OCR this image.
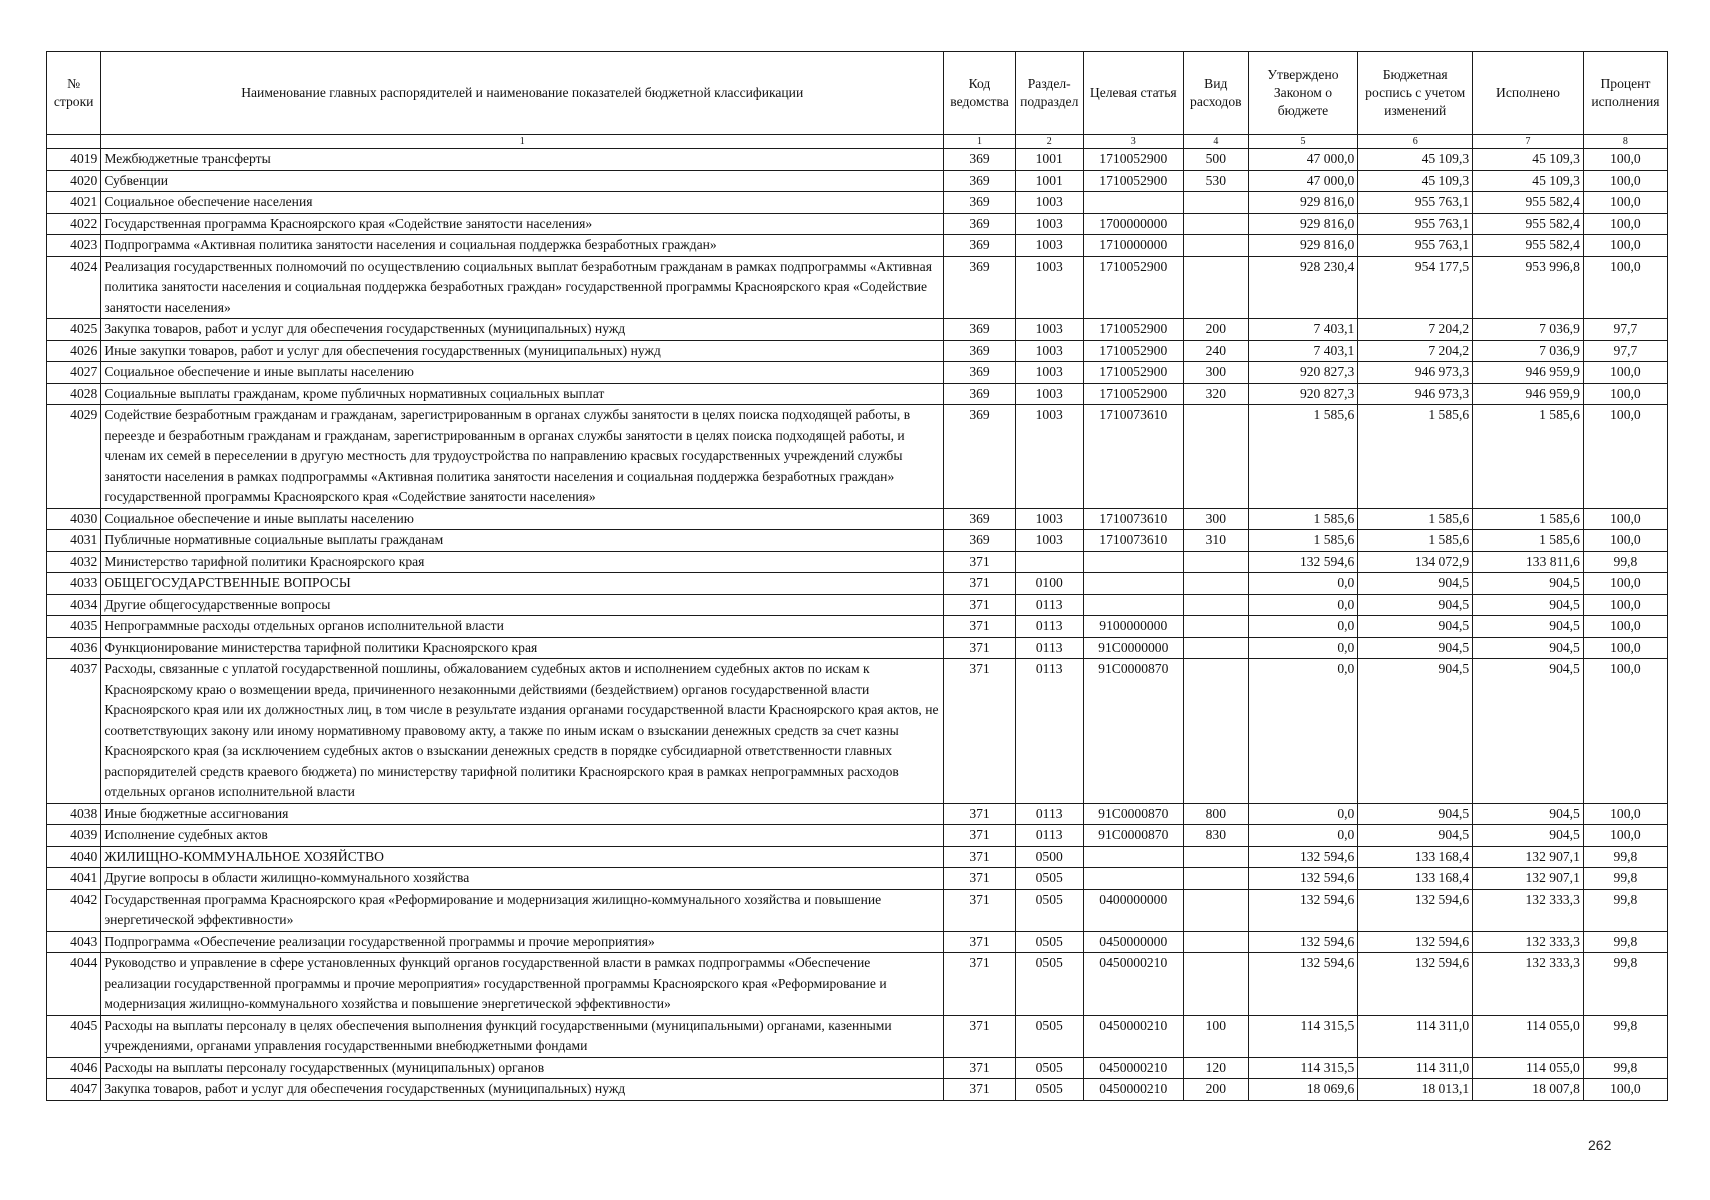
№ строки	Наименование главных распорядителей и наименование показателей бюджетной классификации	Код ведомства	Раздел-подраздел	Целевая статья	Вид расходов	Утверждено Законом о бюджете	Бюджетная роспись с учетом изменений	Исполнено	Процент исполнения
	1	1	2	3	4	5	6	7	8
4019	Межбюджетные трансферты	369	1001	1710052900	500	47 000,0	45 109,3	45 109,3	100,0
4020	Субвенции	369	1001	1710052900	530	47 000,0	45 109,3	45 109,3	100,0
4021	Социальное обеспечение населения	369	1003			929 816,0	955 763,1	955 582,4	100,0
4022	Государственная программа Красноярского края «Содействие занятости населения»	369	1003	1700000000		929 816,0	955 763,1	955 582,4	100,0
4023	Подпрограмма «Активная политика занятости населения и социальная поддержка безработных граждан»	369	1003	1710000000		929 816,0	955 763,1	955 582,4	100,0
4024	Реализация государственных полномочий по осуществлению социальных выплат безработным гражданам в рамках подпрограммы «Активная политика занятости населения и социальная поддержка безработных граждан» государственной программы Красноярского края «Содействие занятости населения»	369	1003	1710052900		928 230,4	954 177,5	953 996,8	100,0
4025	Закупка товаров, работ и услуг для обеспечения государственных (муниципальных) нужд	369	1003	1710052900	200	7 403,1	7 204,2	7 036,9	97,7
4026	Иные закупки товаров, работ и услуг для обеспечения государственных (муниципальных) нужд	369	1003	1710052900	240	7 403,1	7 204,2	7 036,9	97,7
4027	Социальное обеспечение и иные выплаты населению	369	1003	1710052900	300	920 827,3	946 973,3	946 959,9	100,0
4028	Социальные выплаты гражданам, кроме публичных нормативных социальных выплат	369	1003	1710052900	320	920 827,3	946 973,3	946 959,9	100,0
4029	Содействие безработным гражданам и гражданам, зарегистрированным в органах службы занятости в целях поиска подходящей работы, в переезде и безработным гражданам и гражданам, зарегистрированным в органах службы занятости в целях поиска подходящей работы, и членам их семей в переселении в другую местность для трудоустройства по направлению красвых государственных учреждений службы занятости населения в рамках подпрограммы «Активная политика занятости населения и социальная поддержка безработных граждан» государственной программы Красноярского края «Содействие занятости населения»	369	1003	1710073610		1 585,6	1 585,6	1 585,6	100,0
4030	Социальное обеспечение и иные выплаты населению	369	1003	1710073610	300	1 585,6	1 585,6	1 585,6	100,0
4031	Публичные нормативные социальные выплаты гражданам	369	1003	1710073610	310	1 585,6	1 585,6	1 585,6	100,0
4032	Министерство тарифной политики Красноярского края	371				132 594,6	134 072,9	133 811,6	99,8
4033	ОБЩЕГОСУДАРСТВЕННЫЕ ВОПРОСЫ	371	0100			0,0	904,5	904,5	100,0
4034	Другие общегосударственные вопросы	371	0113			0,0	904,5	904,5	100,0
4035	Непрограммные расходы отдельных органов исполнительной власти	371	0113	9100000000		0,0	904,5	904,5	100,0
4036	Функционирование министерства тарифной политики Красноярского края	371	0113	91С0000000		0,0	904,5	904,5	100,0
4037	Расходы, связанные с уплатой государственной пошлины, обжалованием судебных актов и исполнением судебных актов по искам к Красноярскому краю о возмещении вреда, причиненного незаконными действиями (бездействием) органов государственной власти Красноярского края или их должностных лиц, в том числе в результате издания органами государственной власти Красноярского края актов, не соответствующих закону или иному нормативному правовому акту, а также по иным искам о взыскании денежных средств за счет казны Красноярского края (за исключением судебных актов о взыскании денежных средств в порядке субсидиарной ответственности главных распорядителей средств краевого бюджета) по министерству тарифной политики Красноярского края в рамках непрограммных расходов отдельных органов исполнительной власти	371	0113	91С0000870		0,0	904,5	904,5	100,0
4038	Иные бюджетные ассигнования	371	0113	91С0000870	800	0,0	904,5	904,5	100,0
4039	Исполнение судебных актов	371	0113	91С0000870	830	0,0	904,5	904,5	100,0
4040	ЖИЛИЩНО-КОММУНАЛЬНОЕ ХОЗЯЙСТВО	371	0500			132 594,6	133 168,4	132 907,1	99,8
4041	Другие вопросы в области жилищно-коммунального хозяйства	371	0505			132 594,6	133 168,4	132 907,1	99,8
4042	Государственная программа Красноярского края «Реформирование и модернизация жилищно-коммунального хозяйства и повышение энергетической эффективности»	371	0505	0400000000		132 594,6	132 594,6	132 333,3	99,8
4043	Подпрограмма «Обеспечение реализации государственной программы и прочие мероприятия»	371	0505	0450000000		132 594,6	132 594,6	132 333,3	99,8
4044	Руководство и управление в сфере установленных функций органов государственной власти в рамках подпрограммы «Обеспечение реализации государственной программы и прочие мероприятия» государственной программы Красноярского края «Реформирование и модернизация жилищно-коммунального хозяйства и повышение энергетической эффективности»	371	0505	0450000210		132 594,6	132 594,6	132 333,3	99,8
4045	Расходы на выплаты персоналу в целях обеспечения выполнения функций государственными (муниципальными) органами, казенными учреждениями, органами управления государственными внебюджетными фондами	371	0505	0450000210	100	114 315,5	114 311,0	114 055,0	99,8
4046	Расходы на выплаты персоналу государственных (муниципальных) органов	371	0505	0450000210	120	114 315,5	114 311,0	114 055,0	99,8
4047	Закупка товаров, работ и услуг для обеспечения государственных (муниципальных) нужд	371	0505	0450000210	200	18 069,6	18 013,1	18 007,8	100,0
262
